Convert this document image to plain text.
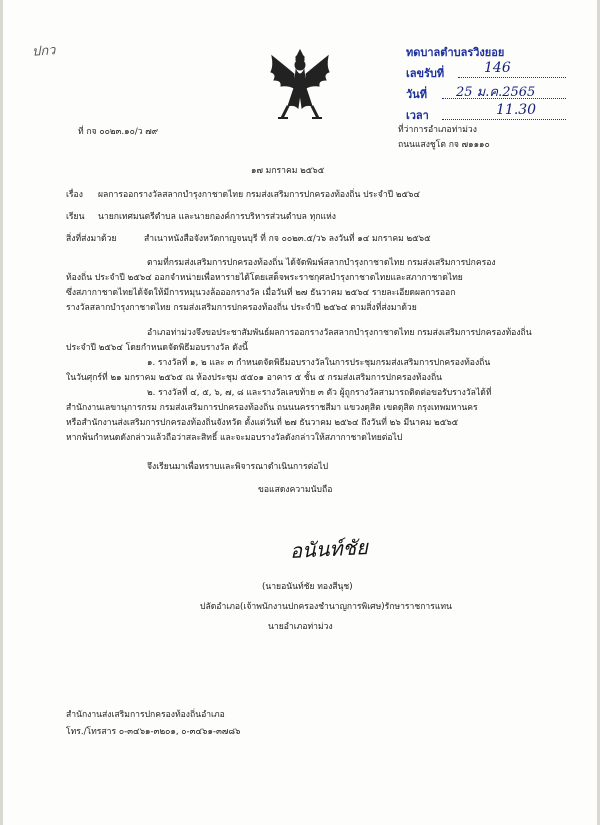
ปกว	ทดบาลตำบลรวิงยอย
เลขรับที่	146
วันที่ 25 ม.ค.2565
เวลา	11.30
ที่ กจ ๐๐๒๓.๑๐/ว ๗๙	ที่ว่าการอำเภอท่าม่วง
ถนนแสงชูโต กจ ๗๑๑๑๐
๑๗ มกราคม ๒๕๖๕
เรื่อง ผลการออกรางวัลสลากบำรุงกาชาดไทย กรมส่งเสริมการปกครองท้องถิ่น ประจำปี ๒๕๖๔
เรียน นายกเทศมนตรีตำบล และนายกองค์การบริหารส่วนตำบล ทุกแห่ง
สิ่งที่ส่งมาด้วย	สำเนาหนังสือจังหวัดกาญจนบุรี ที่ กจ ๐๐๒๓.๕/ว๖ ลงวันที่ ๑๔ มกราคม ๒๕๖๕
ตามที่กรมส่งเสริมการปกครองท้องถิ่น ได้จัดพิมพ์สลากบำรุงกาชาดไทย กรมส่งเสริมการปกครอง
ท้องถิ่น ประจำปี ๒๕๖๔ ออกจำหน่ายเพื่อหารายได้โดยเสด็จพระราชกุศลบำรุงกาชาดไทยและสภากาชาดไทย
ซึ่งสภากาชาดไทยได้จัดให้มีการหมุนวงล้อออกรางวัล เมื่อวันที่ ๒๗ ธันวาคม ๒๕๖๔ รายละเอียดผลการออก
รางวัลสลากบำรุงกาชาดไทย กรมส่งเสริมการปกครองท้องถิ่น ประจำปี ๒๕๖๔ ตามสิ่งที่ส่งมาด้วย
อำเภอท่าม่วงจึงขอประชาสัมพันธ์ผลการออกรางวัลสลากบำรุงกาชาดไทย กรมส่งเสริมการปกครองท้องถิ่น
ประจำปี ๒๕๖๔ โดยกำหนดจัดพิธีมอบรางวัล ดังนี้
๑. รางวัลที่ ๑, ๒ และ ๓ กำหนดจัดพิธีมอบรางวัลในการประชุมกรมส่งเสริมการปกครองท้องถิ่น
ในวันศุกร์ที่ ๒๑ มกราคม ๒๕๖๕ ณ ห้องประชุม ๕๕๐๑ อาคาร ๕ ชั้น ๕ กรมส่งเสริมการปกครองท้องถิ่น
๒. รางวัลที่ ๔, ๕, ๖, ๗, ๘ และรางวัลเลขท้าย ๓ ตัว ผู้ถูกรางวัลสามารถติดต่อขอรับรางวัลได้ที่
สำนักงานเลขานุการกรม กรมส่งเสริมการปกครองท้องถิ่น ถนนนครราชสีมา แขวงดุสิต เขตดุสิต กรุงเทพมหานคร
หรือสำนักงานส่งเสริมการปกครองท้องถิ่นจังหวัด ตั้งแต่วันที่ ๒๗ ธันวาคม ๒๕๖๔ ถึงวันที่ ๒๖ มีนาคม ๒๕๖๕
หากพ้นกำหนดดังกล่าวแล้วถือว่าสละสิทธิ์ และจะมอบรางวัลดังกล่าวให้สภากาชาดไทยต่อไป
จึงเรียนมาเพื่อทราบและพิจารณาดำเนินการต่อไป
ขอแสดงความนับถือ
อนันท์ชัย
(นายอนันท์ชัย ทองสีนุช)
ปลัดอำเภอ(เจ้าพนักงานปกครองชำนาญการพิเศษ)รักษาราชการแทน
นายอำเภอท่าม่วง
สำนักงานส่งเสริมการปกครองท้องถิ่นอำเภอ
โทร./โทรสาร ๐-๓๔๖๑-๓๒๐๑, ๐-๓๔๖๑-๓๗๘๖
